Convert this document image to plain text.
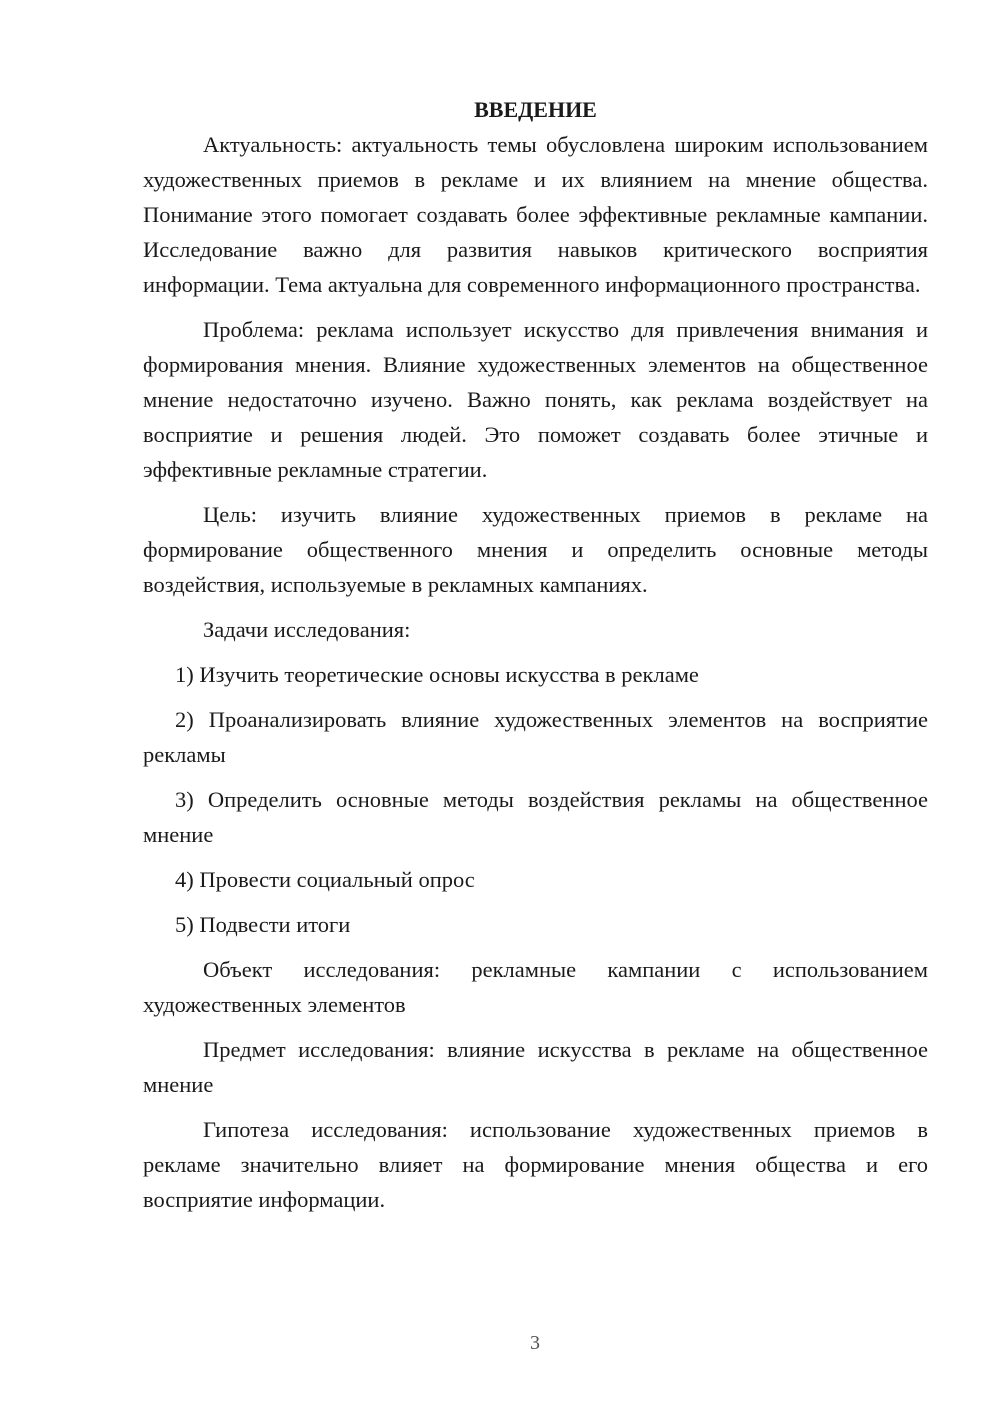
ВВЕДЕНИЕ

Актуальность: актуальность темы обусловлена широким использованием художественных приемов в рекламе и их влиянием на мнение общества. Понимание этого помогает создавать более эффективные рекламные кампании. Исследование важно для развития навыков критического восприятия информации. Тема актуальна для современного информационного пространства.

Проблема: реклама использует искусство для привлечения внимания и формирования мнения. Влияние художественных элементов на общественное мнение недостаточно изучено. Важно понять, как реклама воздействует на восприятие и решения людей. Это поможет создавать более этичные и эффективные рекламные стратегии.

Цель: изучить влияние художественных приемов в рекламе на формирование общественного мнения и определить основные методы воздействия, используемые в рекламных кампаниях.

Задачи исследования:

1) Изучить теоретические основы искусства в рекламе

2) Проанализировать влияние художественных элементов на восприятие рекламы

3) Определить основные методы воздействия рекламы на общественное мнение

4) Провести социальный опрос

5) Подвести итоги

Объект исследования: рекламные кампании с использованием художественных элементов

Предмет исследования: влияние искусства в рекламе на общественное мнение

Гипотеза исследования: использование художественных приемов в рекламе значительно влияет на формирование мнения общества и его восприятие информации.

3
